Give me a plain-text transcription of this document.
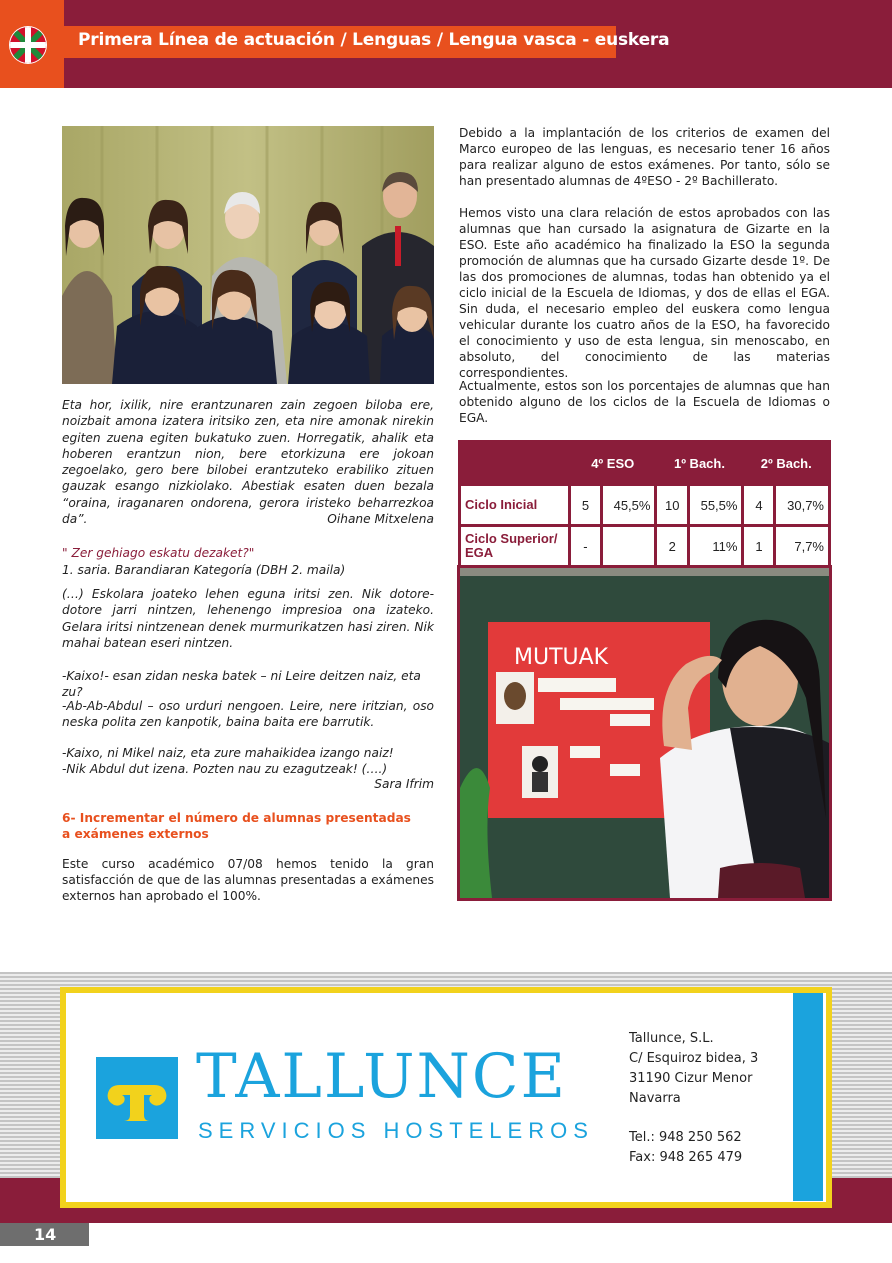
Primera Línea de actuación / Lenguas / Lengua vasca - euskera
Eta hor, ixilik, nire erantzunaren zain zegoen biloba ere, noizbait amona izatera iritsiko zen, eta nire amonak nirekin egiten zuena egiten bukatuko zuen. Horregatik, ahalik eta hoberen erantzun nion, bere etorkizuna ere jokoan zegoelako, gero bere bilobei erantzuteko erabiliko zituen gauzak esango nizkiolako. Abestiak esaten duen bezala “oraina, iraganaren ondorena, gerora iristeko beharrezkoa da”.	Oihane Mitxelena
" Zer gehiago eskatu dezaket?"
1. saria. Barandiaran Kategoría (DBH 2. maila)
(…) Eskolara joateko lehen eguna iritsi zen. Nik dotore-dotore jarri nintzen, lehenengo impresioa ona izateko. Gelara iritsi nintzenean denek murmurikatzen hasi ziren. Nik mahai batean eseri nintzen.
-Kaixo!- esan zidan neska batek – ni Leire deitzen naiz, eta zu?
-Ab-Ab-Abdul – oso urduri nengoen. Leire, nere iritzian, oso neska polita zen kanpotik, baina baita ere barrutik.
-Kaixo, ni Mikel naiz, eta zure mahaikidea izango naiz!
-Nik Abdul dut izena. Pozten nau zu ezagutzeak! (….)
Sara Ifrim
6- Incrementar el número de alumnas presentadas
a exámenes externos
Este curso académico 07/08 hemos tenido la gran satisfacción de que de las alumnas presentadas a exámenes externos han aprobado el 100%.
Debido a la implantación de los criterios de examen del Marco europeo de las lenguas, es necesario tener 16 años para realizar alguno de estos exámenes. Por tanto, sólo se han presentado alumnas de 4ºESO - 2º Bachillerato.
Hemos visto una clara relación de estos aprobados con las alumnas que han cursado la asignatura de Gizarte en la ESO. Este año académico ha finalizado la ESO la segunda promoción de alumnas que ha cursado Gizarte desde 1º. De las dos promociones de alumnas, todas han obtenido ya el ciclo inicial de la Escuela de Idiomas, y dos de ellas el EGA. Sin duda, el necesario empleo del euskera como lengua vehicular durante los cuatro años de la ESO, ha favorecido el conocimiento y uso de esta lengua, sin menoscabo, en absoluto, del conocimiento de las materias correspondientes.
Actualmente, estos son los porcentajes de alumnas que han obtenido alguno de los ciclos de la Escuela de Idiomas o EGA.
	4º ESO		1º Bach.		2º Bach.	
Ciclo Inicial	5	45,5%	10	55,5%	4	30,7%
Ciclo Superior/
EGA	-		2	11%	1	7,7%
MUTUAK
TALLUNCE
SERVICIOS HOSTELEROS
Tallunce, S.L.
C/ Esquiroz bidea, 3
31190 Cizur Menor
Navarra
Tel.: 948 250 562
Fax: 948 265 479
14
